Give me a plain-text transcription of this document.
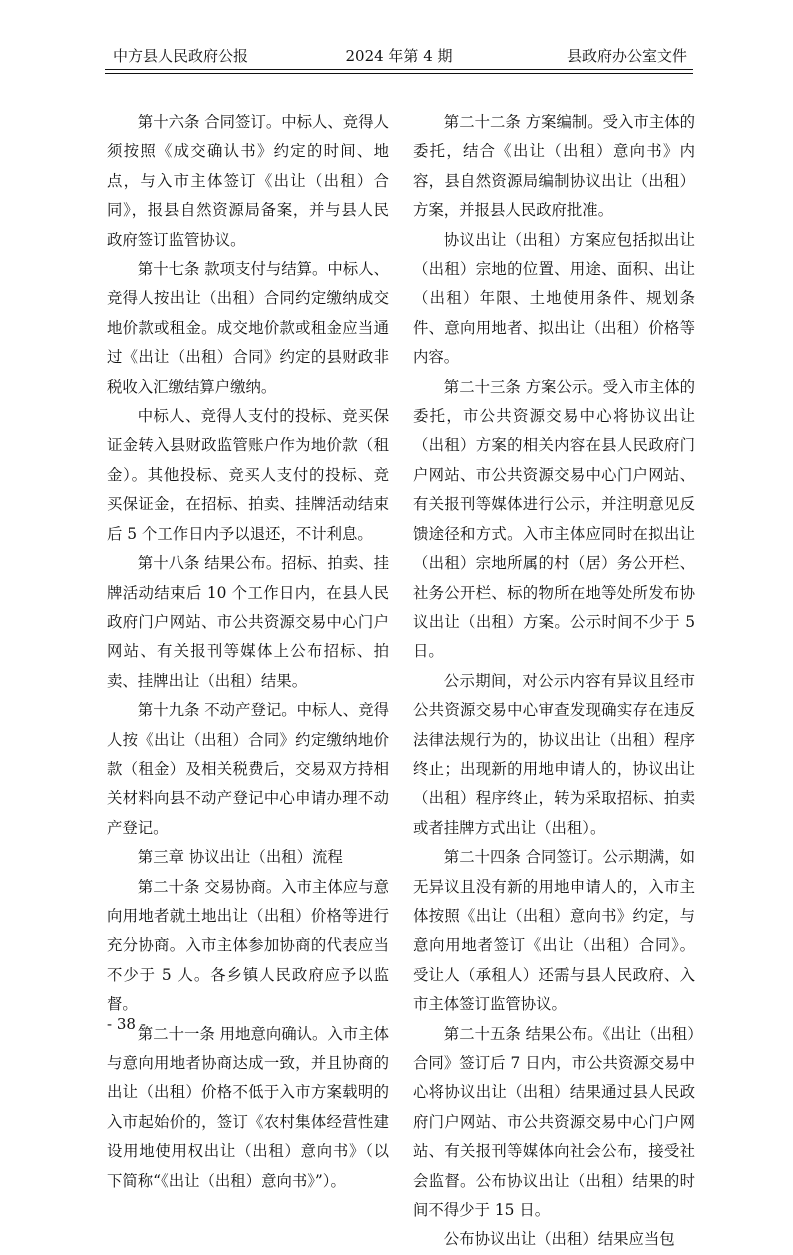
中方县人民政府公报	2024 年第 4 期	县政府办公室文件

第十六条 合同签订。中标人、竞得人须按照《成交确认书》约定的时间、地点，与入市主体签订《出让（出租）合同》，报县自然资源局备案，并与县人民政府签订监管协议。

第十七条 款项支付与结算。中标人、竞得人按出让（出租）合同约定缴纳成交地价款或租金。成交地价款或租金应当通过《出让（出租）合同》约定的县财政非税收入汇缴结算户缴纳。

中标人、竞得人支付的投标、竞买保证金转入县财政监管账户作为地价款（租金）。其他投标、竞买人支付的投标、竞买保证金，在招标、拍卖、挂牌活动结束后 5 个工作日内予以退还，不计利息。

第十八条 结果公布。招标、拍卖、挂牌活动结束后 10 个工作日内，在县人民政府门户网站、市公共资源交易中心门户网站、有关报刊等媒体上公布招标、拍卖、挂牌出让（出租）结果。

第十九条 不动产登记。中标人、竞得人按《出让（出租）合同》约定缴纳地价款（租金）及相关税费后，交易双方持相关材料向县不动产登记中心申请办理不动产登记。

第三章 协议出让（出租）流程

第二十条 交易协商。入市主体应与意向用地者就土地出让（出租）价格等进行充分协商。入市主体参加协商的代表应当不少于 5 人。各乡镇人民政府应予以监督。

第二十一条 用地意向确认。入市主体与意向用地者协商达成一致，并且协商的出让（出租）价格不低于入市方案载明的入市起始价的，签订《农村集体经营性建设用地使用权出让（出租）意向书》（以下简称“《出让（出租）意向书》”）。

第二十二条 方案编制。受入市主体的委托，结合《出让（出租）意向书》内容，县自然资源局编制协议出让（出租）方案，并报县人民政府批准。

协议出让（出租）方案应包括拟出让（出租）宗地的位置、用途、面积、出让（出租）年限、土地使用条件、规划条件、意向用地者、拟出让（出租）价格等内容。

第二十三条 方案公示。受入市主体的委托，市公共资源交易中心将协议出让（出租）方案的相关内容在县人民政府门户网站、市公共资源交易中心门户网站、有关报刊等媒体进行公示，并注明意见反馈途径和方式。入市主体应同时在拟出让（出租）宗地所属的村（居）务公开栏、社务公开栏、标的物所在地等处所发布协议出让（出租）方案。公示时间不少于 5 日。

公示期间，对公示内容有异议且经市公共资源交易中心审查发现确实存在违反法律法规行为的，协议出让（出租）程序终止；出现新的用地申请人的，协议出让（出租）程序终止，转为采取招标、拍卖或者挂牌方式出让（出租）。

第二十四条 合同签订。公示期满，如无异议且没有新的用地申请人的，入市主体按照《出让（出租）意向书》约定，与意向用地者签订《出让（出租）合同》。受让人（承租人）还需与县人民政府、入市主体签订监管协议。

第二十五条 结果公布。《出让（出租）合同》签订后 7 日内，市公共资源交易中心将协议出让（出租）结果通过县人民政府门户网站、市公共资源交易中心门户网站、有关报刊等媒体向社会公布，接受社会监督。公布协议出让（出租）结果的时间不得少于 15 日。

公布协议出让（出租）结果应当包

- 38 -
